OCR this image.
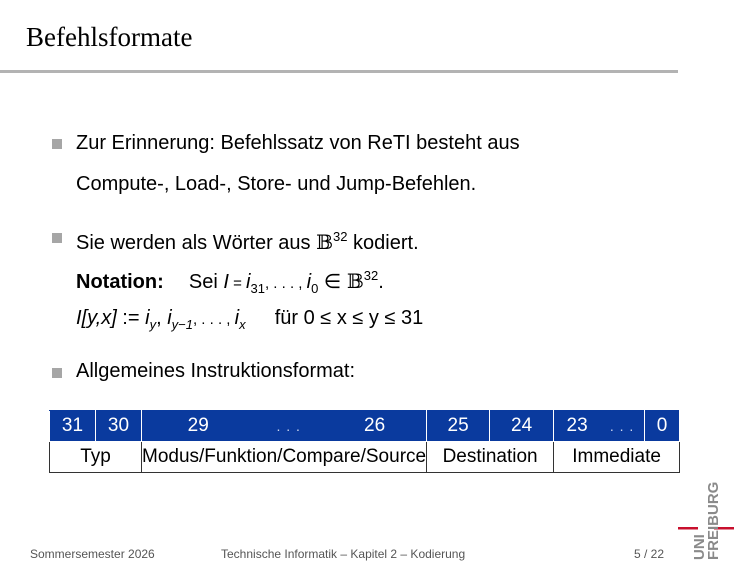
Befehlsformate
Zur Erinnerung: Befehlssatz von ReTI besteht aus
Compute-, Load-, Store- und Jump-Befehlen.
Sie werden als Wörter aus 𝔹$^{32}$ kodiert.
Notation: Sei $I = i_{31}$, . . . , $i_0$ ∈ 𝔹$^{32}$.
I[y,x] := $i_y$, $i_{y-1}$, . . . , $i_x$ für 0 ≤ x ≤ y ≤ 31
Allgemeines Instruktionsformat:
31	30	29	. . .	26	25	24	23	. . .	0
Typ		Modus/Funktion/Compare/Source			Destination		Immediate		
Sommersemester 2026	Technische Informatik – Kapitel 2 – Kodierung	5 / 22 UNI
FREIBURG
